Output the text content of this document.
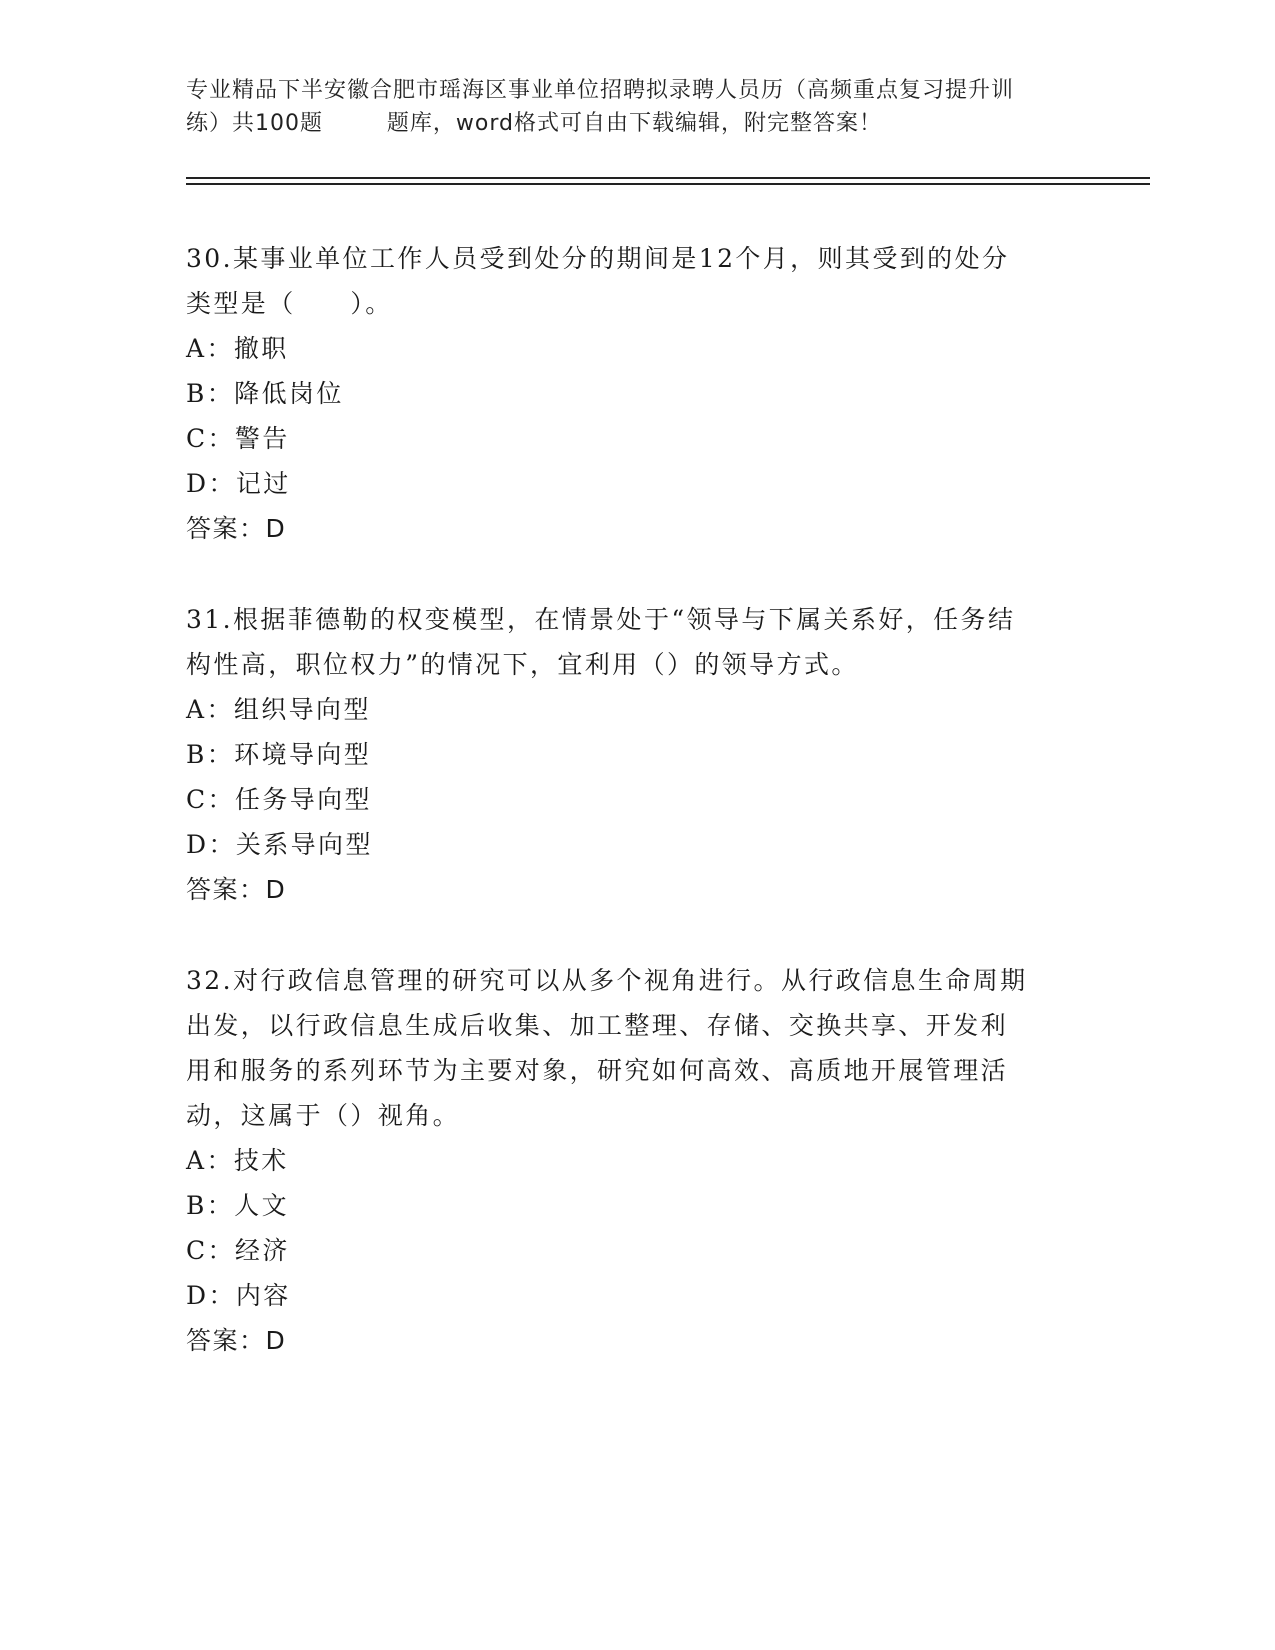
专业精品下半安徽合肥市瑶海区事业单位招聘拟录聘人员历（高频重点复习提升训
练）共100题        题库，word格式可自由下载编辑，附完整答案！

30.某事业单位工作人员受到处分的期间是12个月，则其受到的处分

类型是（　　）。

A：撤职

B：降低岗位

C：警告

D：记过

答案：D

31.根据菲德勒的权变模型，在情景处于“领导与下属关系好，任务结

构性高，职位权力”的情况下，宜利用（）的领导方式。

A：组织导向型

B：环境导向型

C：任务导向型

D：关系导向型

答案：D

32.对行政信息管理的研究可以从多个视角进行。从行政信息生命周期

出发，以行政信息生成后收集、加工整理、存储、交换共享、开发利

用和服务的系列环节为主要对象，研究如何高效、高质地开展管理活

动，这属于（）视角。

A：技术

B：人文

C：经济

D：内容

答案：D
